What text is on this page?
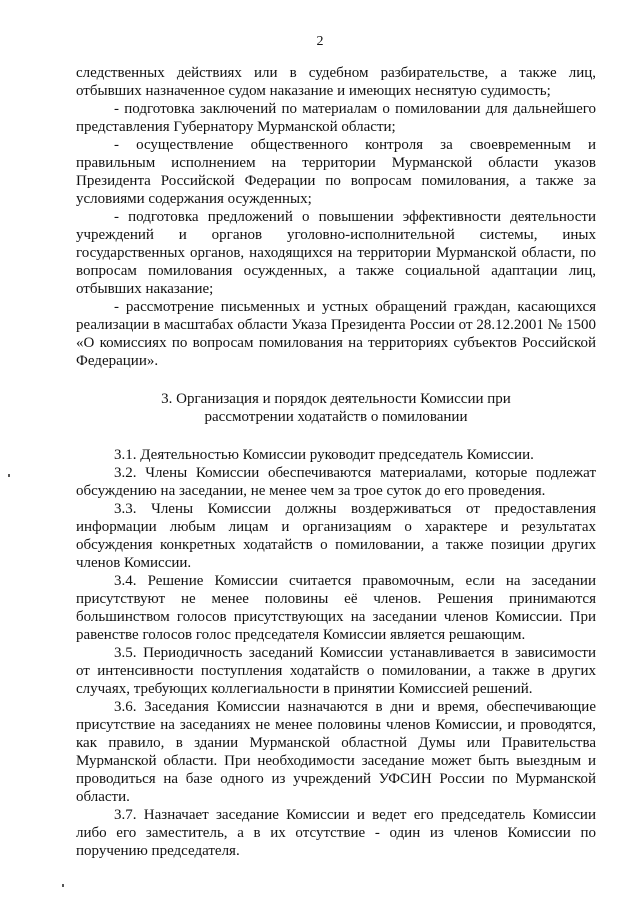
2

следственных действиях или в судебном разбирательстве, а также лиц, отбывших назначенное судом наказание и имеющих неснятую судимость;

- подготовка заключений по материалам о помиловании для дальнейшего представления Губернатору Мурманской области;

- осуществление общественного контроля за своевременным и правильным исполнением на территории Мурманской области указов Президента Российской Федерации по вопросам помилования, а также за условиями содержания осужденных;

- подготовка предложений о повышении эффективности деятельности учреждений и органов уголовно-исполнительной системы, иных государственных органов, находящихся на территории Мурманской области, по вопросам помилования осужденных, а также социальной адаптации лиц, отбывших наказание;

- рассмотрение письменных и устных обращений граждан, касающихся реализации в масштабах области Указа Президента России от 28.12.2001 № 1500 «О комиссиях по вопросам помилования на территориях субъектов Российской Федерации».

3. Организация и порядок деятельности Комиссии при
рассмотрении ходатайств о помиловании

3.1. Деятельностью Комиссии руководит председатель Комиссии.

3.2. Члены Комиссии обеспечиваются материалами, которые подлежат обсуждению на заседании, не менее чем за трое суток до его проведения.

3.3. Члены Комиссии должны воздерживаться от предоставления информации любым лицам и организациям о характере и результатах обсуждения конкретных ходатайств о помиловании, а также позиции других членов Комиссии.

3.4. Решение Комиссии считается правомочным, если на заседании присутствуют не менее половины её членов. Решения принимаются большинством голосов присутствующих на заседании членов Комиссии. При равенстве голосов голос председателя Комиссии является решающим.

3.5. Периодичность заседаний Комиссии устанавливается в зависимости от интенсивности поступления ходатайств о помиловании, а также в других случаях, требующих коллегиальности в принятии Комиссией решений.

3.6. Заседания Комиссии назначаются в дни и время, обеспечивающие присутствие на заседаниях не менее половины членов Комиссии, и проводятся, как правило, в здании Мурманской областной Думы или Правительства Мурманской области. При необходимости заседание может быть выездным и проводиться на базе одного из учреждений УФСИН России по Мурманской области.

3.7. Назначает заседание Комиссии и ведет его председатель Комиссии либо его заместитель, а в их отсутствие - один из членов Комиссии по поручению председателя.
